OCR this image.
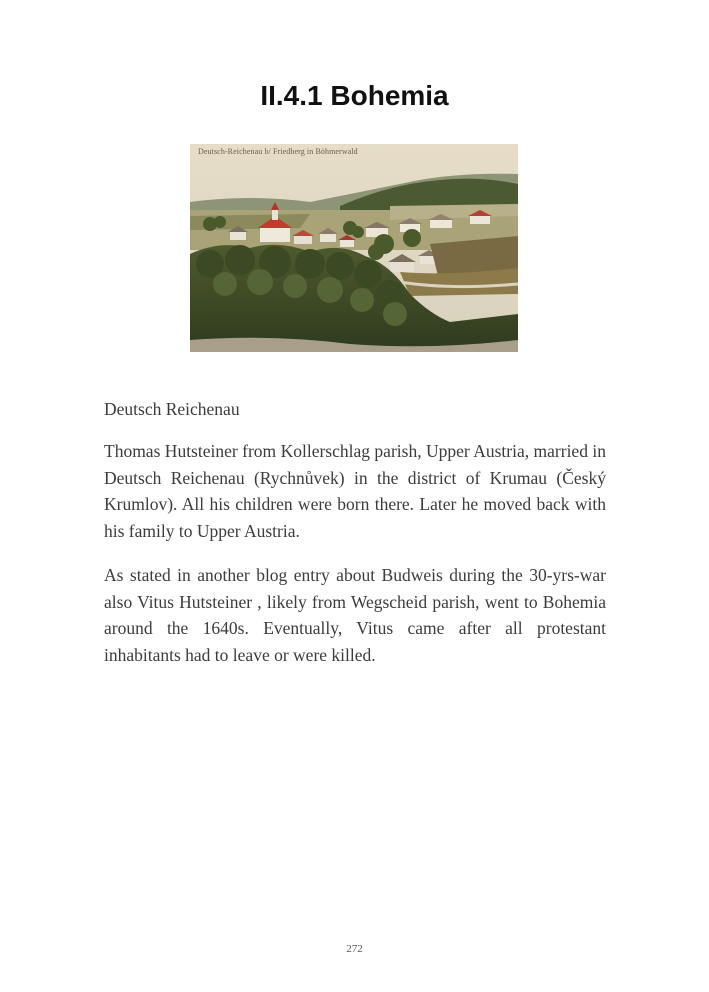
II.4.1 Bohemia
Deutsch-Reichenau b/ Friedberg in Böhmerwald

Deutsch Reichenau

Thomas Hutsteiner from Kollerschlag parish, Upper Austria, married in Deutsch Reichenau (Rychnůvek) in the district of Krumau (Český Krumlov). All his children were born there. Later he moved back with his family to Upper Austria.

As stated in another blog entry about Budweis during the 30-yrs-war also Vitus Hutsteiner , likely from Wegscheid parish, went to Bohemia around the 1640s. Eventually, Vitus came after all protestant inhabitants had to leave or were killed.

272
